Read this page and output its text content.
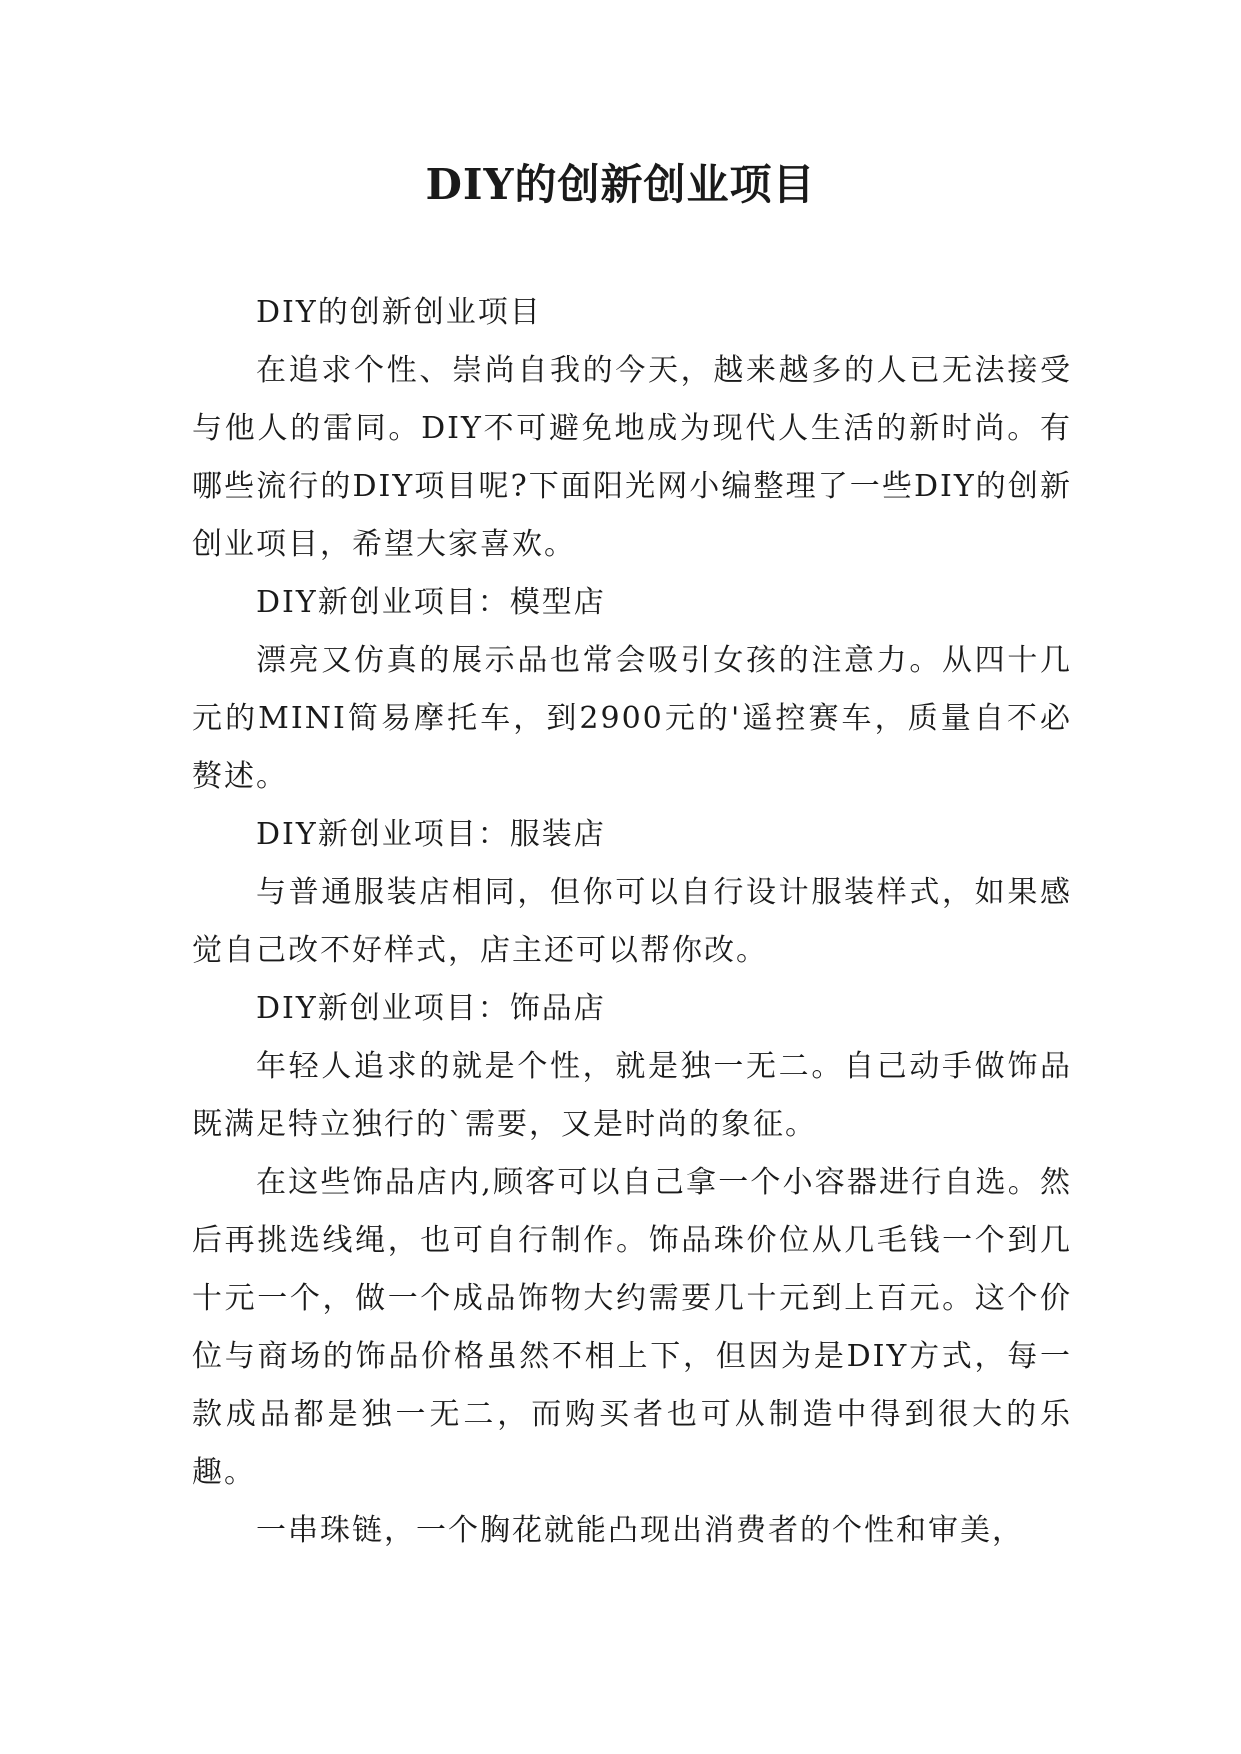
DIY的创新创业项目

DIY的创新创业项目

在追求个性、崇尚自我的今天，越来越多的人已无法接受与他人的雷同。DIY不可避免地成为现代人生活的新时尚。有哪些流行的DIY项目呢?下面阳光网小编整理了一些DIY的创新创业项目，希望大家喜欢。

DIY新创业项目：模型店

漂亮又仿真的展示品也常会吸引女孩的注意力。从四十几元的MINI简易摩托车，到2900元的'遥控赛车，质量自不必赘述。

DIY新创业项目：服装店

与普通服装店相同，但你可以自行设计服装样式，如果感觉自己改不好样式，店主还可以帮你改。

DIY新创业项目：饰品店

年轻人追求的就是个性，就是独一无二。自己动手做饰品既满足特立独行的`需要，又是时尚的象征。

在这些饰品店内,顾客可以自己拿一个小容器进行自选。然后再挑选线绳，也可自行制作。饰品珠价位从几毛钱一个到几十元一个，做一个成品饰物大约需要几十元到上百元。这个价位与商场的饰品价格虽然不相上下，但因为是DIY方式，每一款成品都是独一无二，而购买者也可从制造中得到很大的乐趣。

一串珠链，一个胸花就能凸现出消费者的个性和审美，
